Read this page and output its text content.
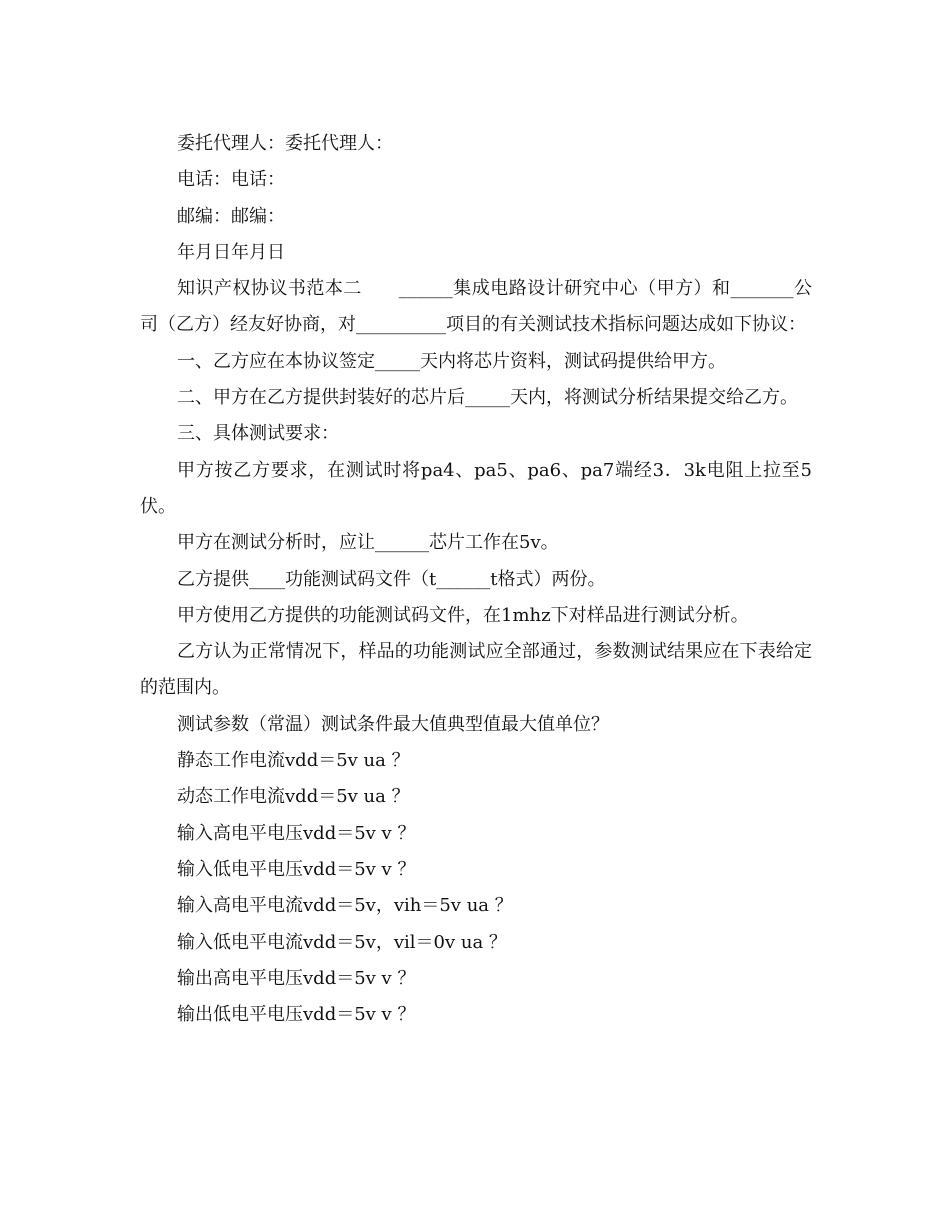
委托代理人：委托代理人：

电话：电话：

邮编：邮编：

年月日年月日

知识产权协议书范本二　　______集成电路设计研究中心（甲方）和_______公司（乙方）经友好协商，对__________项目的有关测试技术指标问题达成如下协议：

一、乙方应在本协议签定_____天内将芯片资料，测试码提供给甲方。

二、甲方在乙方提供封装好的芯片后_____天内，将测试分析结果提交给乙方。

三、具体测试要求：

甲方按乙方要求，在测试时将pa4、pa5、pa6、pa7端经3．3k电阻上拉至5伏。

甲方在测试分析时，应让______芯片工作在5v。

乙方提供____功能测试码文件（t______t格式）两份。

甲方使用乙方提供的功能测试码文件，在1mhz下对样品进行测试分析。

乙方认为正常情况下，样品的功能测试应全部通过，参数测试结果应在下表给定的范围内。

测试参数（常温）测试条件最大值典型值最大值单位？

静态工作电流vdd＝5v ua ？

动态工作电流vdd＝5v ua ？

输入高电平电压vdd＝5v v ？

输入低电平电压vdd＝5v v ？

输入高电平电流vdd＝5v，vih＝5v ua ？

输入低电平电流vdd＝5v，vil＝0v ua ？

输出高电平电压vdd＝5v v ？

输出低电平电压vdd＝5v v ？
